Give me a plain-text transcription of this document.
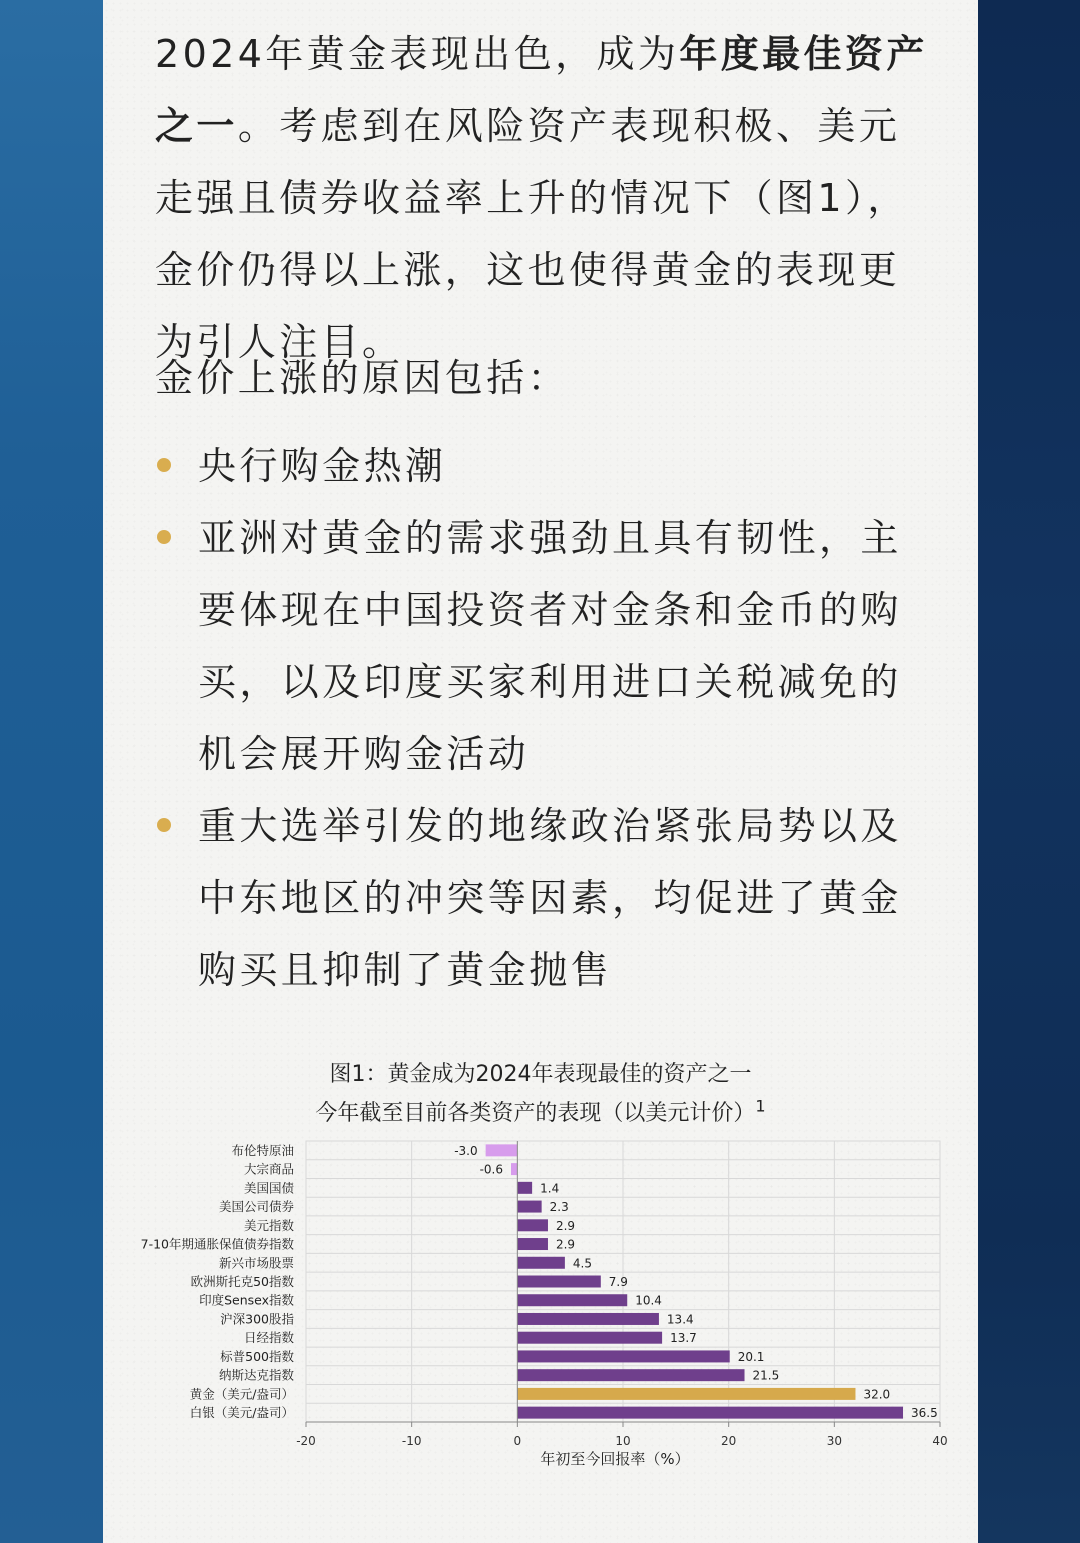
2024年黄金表现出色，成为年度最佳资产之一。考虑到在风险资产表现积极、美元走强且债券收益率上升的情况下（图1），金价仍得以上涨，这也使得黄金的表现更为引人注目。

金价上涨的原因包括：

央行购金热潮
亚洲对黄金的需求强劲且具有韧性，主要体现在中国投资者对金条和金币的购买，以及印度买家利用进口关税减免的机会展开购金活动
重大选举引发的地缘政治紧张局势以及中东地区的冲突等因素，均促进了黄金购买且抑制了黄金抛售

图1：黄金成为2024年表现最佳的资产之一

今年截至目前各类资产的表现（以美元计价）$^1$

布伦特原油	-3.0
大宗商品	-0.6
美国国债	1.4
美国公司债券	2.3
美元指数	2.9
7-10年期通胀保值债券指数	2.9
新兴市场股票	4.5
欧洲斯托克50指数	7.9
印度Sensex指数	10.4
沪深300股指	13.4
日经指数	13.7
标普500指数	20.1
纳斯达克指数	21.5
黄金（美元/盎司）	32.0
白银（美元/盎司）	36.5
-20	-10	0	10	20	30	40
年初至今回报率（%）
